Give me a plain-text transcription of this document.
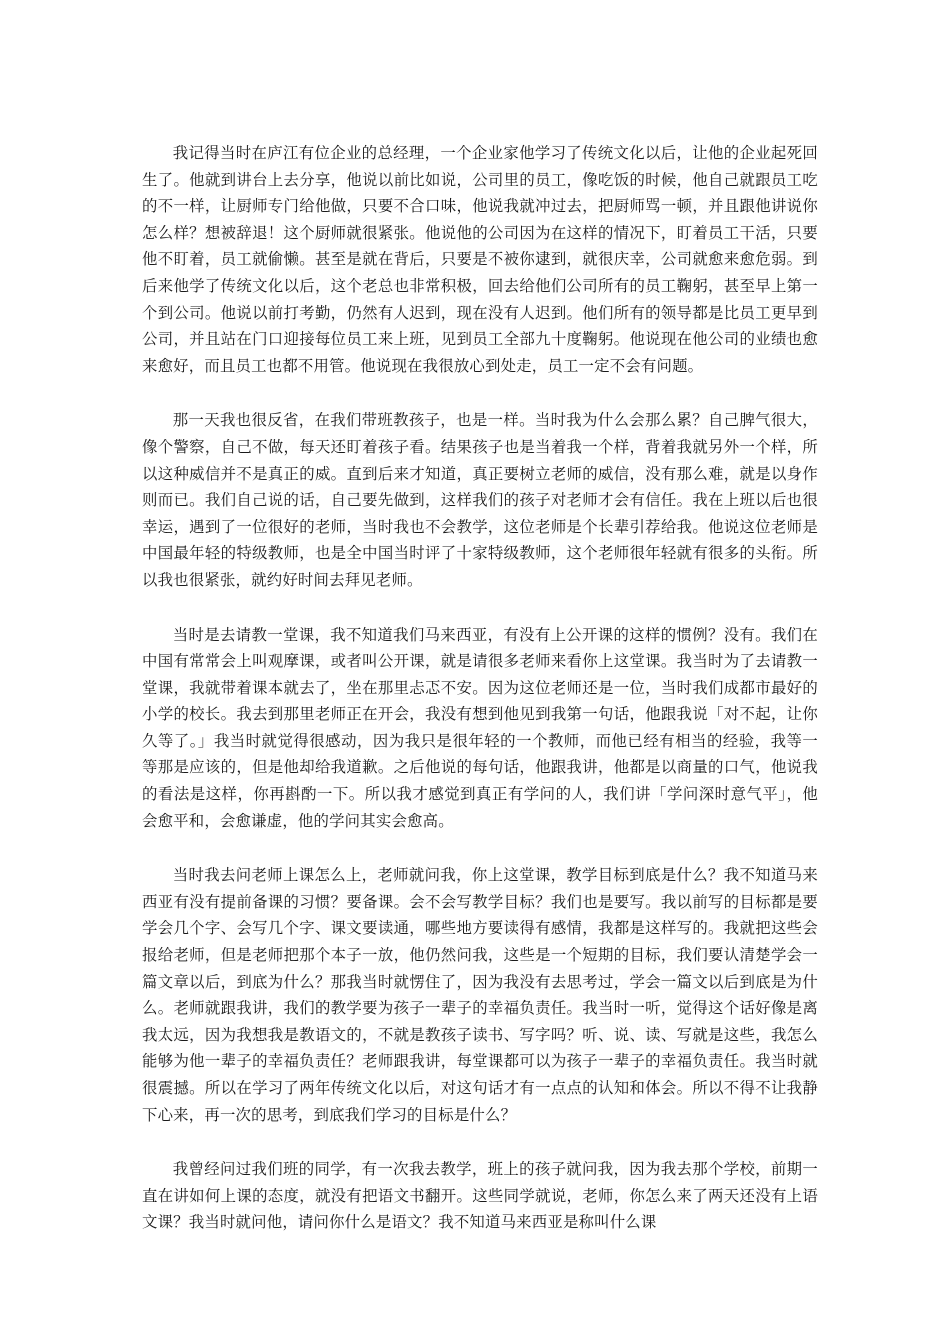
我记得当时在庐江有位企业的总经理，一个企业家他学习了传统文化以后，让他的企业起死回生了。他就到讲台上去分享，他说以前比如说，公司里的员工，像吃饭的时候，他自己就跟员工吃的不一样，让厨师专门给他做，只要不合口味，他说我就冲过去，把厨师骂一顿，并且跟他讲说你怎么样？想被辞退！这个厨师就很紧张。他说他的公司因为在这样的情况下，盯着员工干活，只要他不盯着，员工就偷懒。甚至是就在背后，只要是不被你逮到，就很庆幸，公司就愈来愈危弱。到后来他学了传统文化以后，这个老总也非常积极，回去给他们公司所有的员工鞠躬，甚至早上第一个到公司。他说以前打考勤，仍然有人迟到，现在没有人迟到。他们所有的领导都是比员工更早到公司，并且站在门口迎接每位员工来上班，见到员工全部九十度鞠躬。他说现在他公司的业绩也愈来愈好，而且员工也都不用管。他说现在我很放心到处走，员工一定不会有问题。

那一天我也很反省，在我们带班教孩子，也是一样。当时我为什么会那么累？自己脾气很大，像个警察，自己不做，每天还盯着孩子看。结果孩子也是当着我一个样，背着我就另外一个样，所以这种威信并不是真正的威。直到后来才知道，真正要树立老师的威信，没有那么难，就是以身作则而已。我们自己说的话，自己要先做到，这样我们的孩子对老师才会有信任。我在上班以后也很幸运，遇到了一位很好的老师，当时我也不会教学，这位老师是个长辈引荐给我。他说这位老师是中国最年轻的特级教师，也是全中国当时评了十家特级教师，这个老师很年轻就有很多的头衔。所以我也很紧张，就约好时间去拜见老师。

当时是去请教一堂课，我不知道我们马来西亚，有没有上公开课的这样的惯例？没有。我们在中国有常常会上叫观摩课，或者叫公开课，就是请很多老师来看你上这堂课。我当时为了去请教一堂课，我就带着课本就去了，坐在那里忐忑不安。因为这位老师还是一位，当时我们成都市最好的小学的校长。我去到那里老师正在开会，我没有想到他见到我第一句话，他跟我说「对不起，让你久等了。」我当时就觉得很感动，因为我只是很年轻的一个教师，而他已经有相当的经验，我等一等那是应该的，但是他却给我道歉。之后他说的每句话，他跟我讲，他都是以商量的口气，他说我的看法是这样，你再斟酌一下。所以我才感觉到真正有学问的人，我们讲「学问深时意气平」，他会愈平和，会愈谦虚，他的学问其实会愈高。

当时我去问老师上课怎么上，老师就问我，你上这堂课，教学目标到底是什么？我不知道马来西亚有没有提前备课的习惯？要备课。会不会写教学目标？我们也是要写。我以前写的目标都是要学会几个字、会写几个字、课文要读通，哪些地方要读得有感情，我都是这样写的。我就把这些会报给老师，但是老师把那个本子一放，他仍然问我，这些是一个短期的目标，我们要认清楚学会一篇文章以后，到底为什么？那我当时就愣住了，因为我没有去思考过，学会一篇文以后到底是为什么。老师就跟我讲，我们的教学要为孩子一辈子的幸福负责任。我当时一听，觉得这个话好像是离我太远，因为我想我是教语文的，不就是教孩子读书、写字吗？听、说、读、写就是这些，我怎么能够为他一辈子的幸福负责任？老师跟我讲，每堂课都可以为孩子一辈子的幸福负责任。我当时就很震撼。所以在学习了两年传统文化以后，对这句话才有一点点的认知和体会。所以不得不让我静下心来，再一次的思考，到底我们学习的目标是什么？

我曾经问过我们班的同学，有一次我去教学，班上的孩子就问我，因为我去那个学校，前期一直在讲如何上课的态度，就没有把语文书翻开。这些同学就说，老师，你怎么来了两天还没有上语文课？我当时就问他，请问你什么是语文？我不知道马来西亚是称叫什么课
